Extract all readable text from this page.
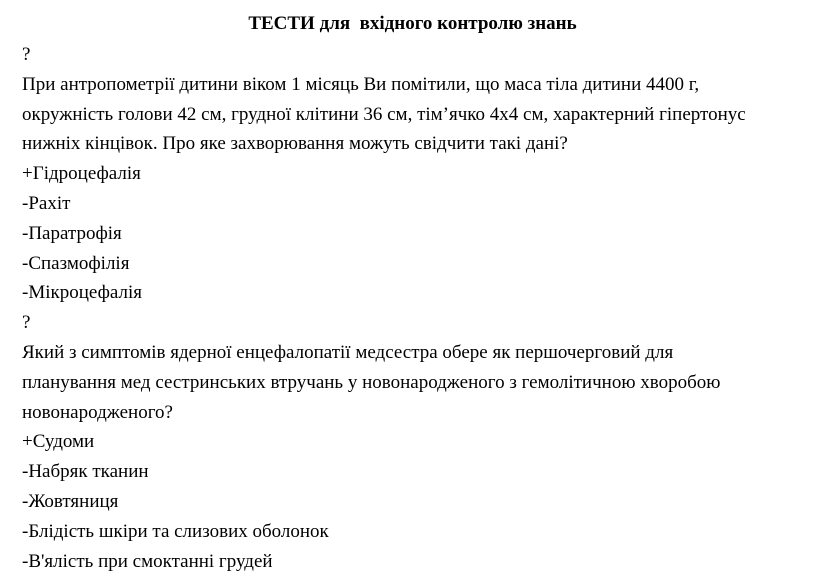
ТЕСТИ для  вхідного контролю знань
?
При антропометрії дитини віком 1 місяць Ви помітили, що маса тіла дитини 4400 г,
окружність голови 42 см, грудної клітини 36 см, тім’ячко 4х4 см, характерний гіпертонус
нижніх кінцівок. Про яке захворювання можуть свідчити такі дані?
+Гідроцефалія
-Рахіт
-Паратрофія
-Спазмофілія
-Мікроцефалія
?
Який з симптомів ядерної енцефалопатії медсестра обере як першочерговий для
планування мед сестринських втручань у новонародженого з гемолітичною хворобою
новонародженого?
+Судоми
-Набряк тканин
-Жовтяниця
-Блідість шкіри та слизових оболонок
-В'ялість при смоктанні грудей
